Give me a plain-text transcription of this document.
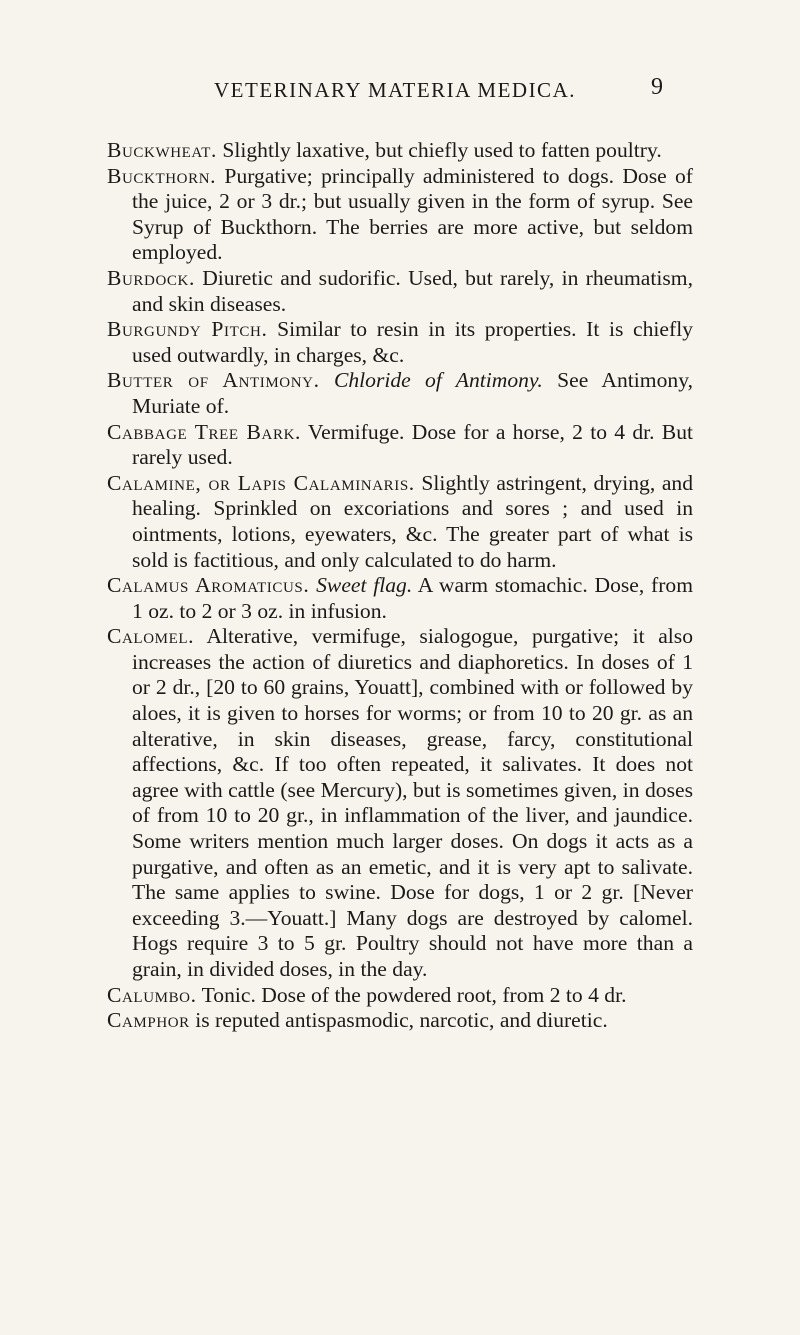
VETERINARY MATERIA MEDICA.	9

Buckwheat. Slightly laxative, but chiefly used to fatten poultry.

Buckthorn. Purgative; principally administered to dogs. Dose of the juice, 2 or 3 dr.; but usually given in the form of syrup. See Syrup of Buckthorn. The berries are more active, but seldom employed.

Burdock. Diuretic and sudorific. Used, but rarely, in rheumatism, and skin diseases.

Burgundy Pitch. Similar to resin in its properties. It is chiefly used outwardly, in charges, &c.

Butter of Antimony. Chloride of Antimony. See Antimony, Muriate of.

Cabbage Tree Bark. Vermifuge. Dose for a horse, 2 to 4 dr. But rarely used.

Calamine, or Lapis Calaminaris. Slightly astringent, drying, and healing. Sprinkled on excoriations and sores ; and used in ointments, lotions, eyewaters, &c. The greater part of what is sold is factitious, and only calculated to do harm.

Calamus Aromaticus. Sweet flag. A warm stomachic. Dose, from 1 oz. to 2 or 3 oz. in infusion.

Calomel. Alterative, vermifuge, sialogogue, purgative; it also increases the action of diuretics and diaphoretics. In doses of 1 or 2 dr., [20 to 60 grains, Youatt], combined with or followed by aloes, it is given to horses for worms; or from 10 to 20 gr. as an alterative, in skin diseases, grease, farcy, constitutional affections, &c. If too often repeated, it salivates. It does not agree with cattle (see Mercury), but is sometimes given, in doses of from 10 to 20 gr., in inflammation of the liver, and jaundice. Some writers mention much larger doses. On dogs it acts as a purgative, and often as an emetic, and it is very apt to salivate. The same applies to swine. Dose for dogs, 1 or 2 gr. [Never exceeding 3.—Youatt.] Many dogs are destroyed by calomel. Hogs require 3 to 5 gr. Poultry should not have more than a grain, in divided doses, in the day.

Calumbo. Tonic. Dose of the powdered root, from 2 to 4 dr.

Camphor is reputed antispasmodic, narcotic, and diuretic.
